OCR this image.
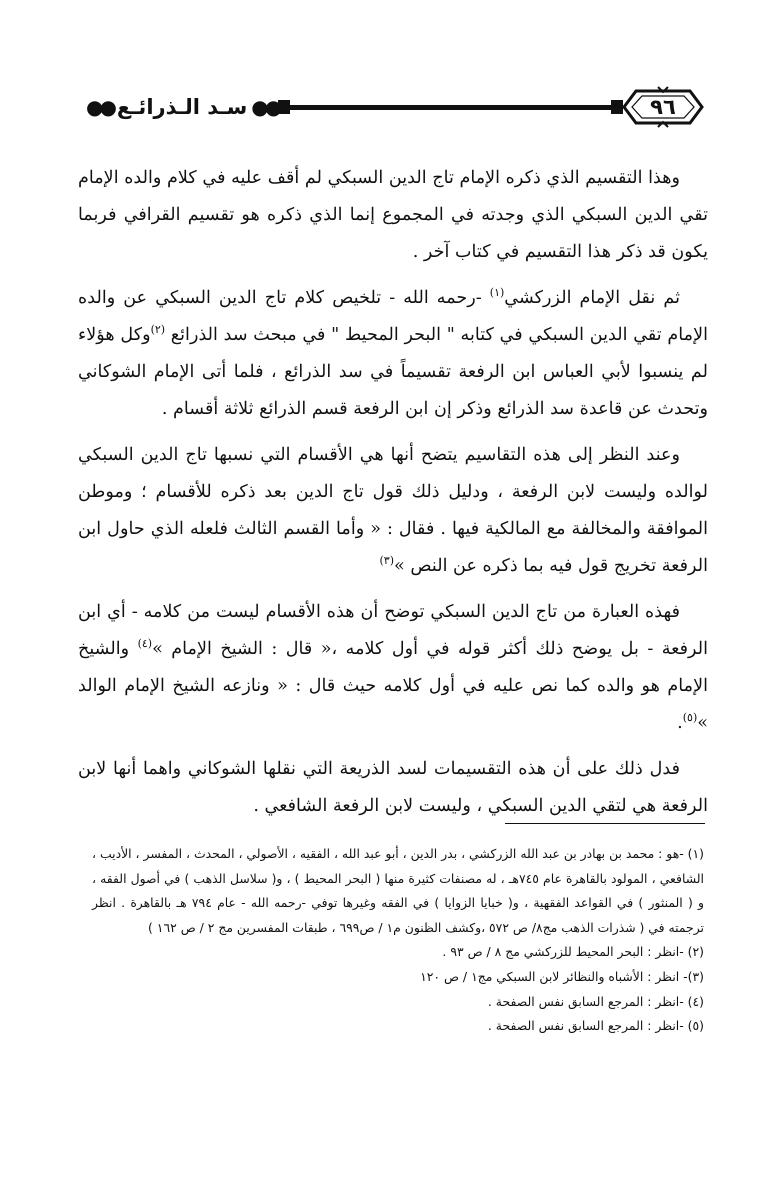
●●
سـد الـذرائـع
●●	٩٦

وهذا التقسيم الذي ذكره الإمام تاج الدين السبكي لم أقف عليه في كلام والده الإمام تقي الدين السبكي الذي وجدته في المجموع إنما الذي ذكره هو تقسيم القرافي فربما يكون قد ذكر هذا التقسيم في كتاب آخر .

ثم نقل الإمام الزركشي$^{(١)}$ -رحمه الله - تلخيص كلام تاج الدين السبكي عن والده الإمام تقي الدين السبكي في كتابه " البحر المحيط " في مبحث سد الذرائع $^{(٢)}$وكل هؤلاء لم ينسبوا لأبي العباس ابن الرفعة تقسيماً في سد الذرائع ، فلما أتى الإمام الشوكاني وتحدث عن قاعدة سد الذرائع وذكر إن ابن الرفعة قسم الذرائع ثلاثة أقسام .

وعند النظر إلى هذه التقاسيم يتضح أنها هي الأقسام التي نسبها تاج الدين السبكي لوالده وليست لابن الرفعة ، ودليل ذلك قول تاج الدين بعد ذكره للأقسام ؛ وموطن الموافقة والمخالفة مع المالكية فيها . فقال : « وأما القسم الثالث فلعله الذي حاول ابن الرفعة تخريج قول فيه بما ذكره عن النص »$^{(٣)}$

فهذه العبارة من تاج الدين السبكي توضح أن هذه الأقسام ليست من كلامه - أي ابن الرفعة - بل يوضح ذلك أكثر قوله في أول كلامه ،« قال : الشيخ الإمام »$^{(٤)}$ والشيخ الإمام هو والده كما نص عليه في أول كلامه حيث قال : « ونازعه الشيخ الإمام الوالد »$^{(٥)}$.

فدل ذلك على أن هذه التقسيمات لسد الذريعة التي نقلها الشوكاني واهما أنها لابن الرفعة هي لتقي الدين السبكي ، وليست لابن الرفعة الشافعي .

(١) -هو : محمد بن بهادر بن عبد الله الزركشي ، بدر الدين ، أبو عبد الله ، الفقيه ، الأصولي ، المحدث ، المفسر ، الأديب ، الشافعي ، المولود بالقاهرة عام ٧٤٥هـ ، له مصنفات كثيرة منها ( البحر المحيط ) ، و( سلاسل الذهب ) في أصول الفقه ، و ( المنثور ) في القواعد الفقهية ، و( خبايا الزوايا ) في الفقه وغيرها توفي -رحمه الله - عام ٧٩٤ هـ بالقاهرة . انظر ترجمته في ( شذرات الذهب مج٨/ ص ٥٧٢ ،وكشف الظنون م١ / ص٦٩٩ ، طبقات المفسرين مج ٢ / ص ١٦٢ )

(٢) -انظر : البحر المحيط للزركشي مج ٨ / ص ٩٣ .

(٣)- انظر : الأشباه والنظائر لابن السبكي مج١ / ص ١٢٠

(٤) -انظر : المرجع السابق نفس الصفحة .

(٥) -انظر : المرجع السابق نفس الصفحة .
